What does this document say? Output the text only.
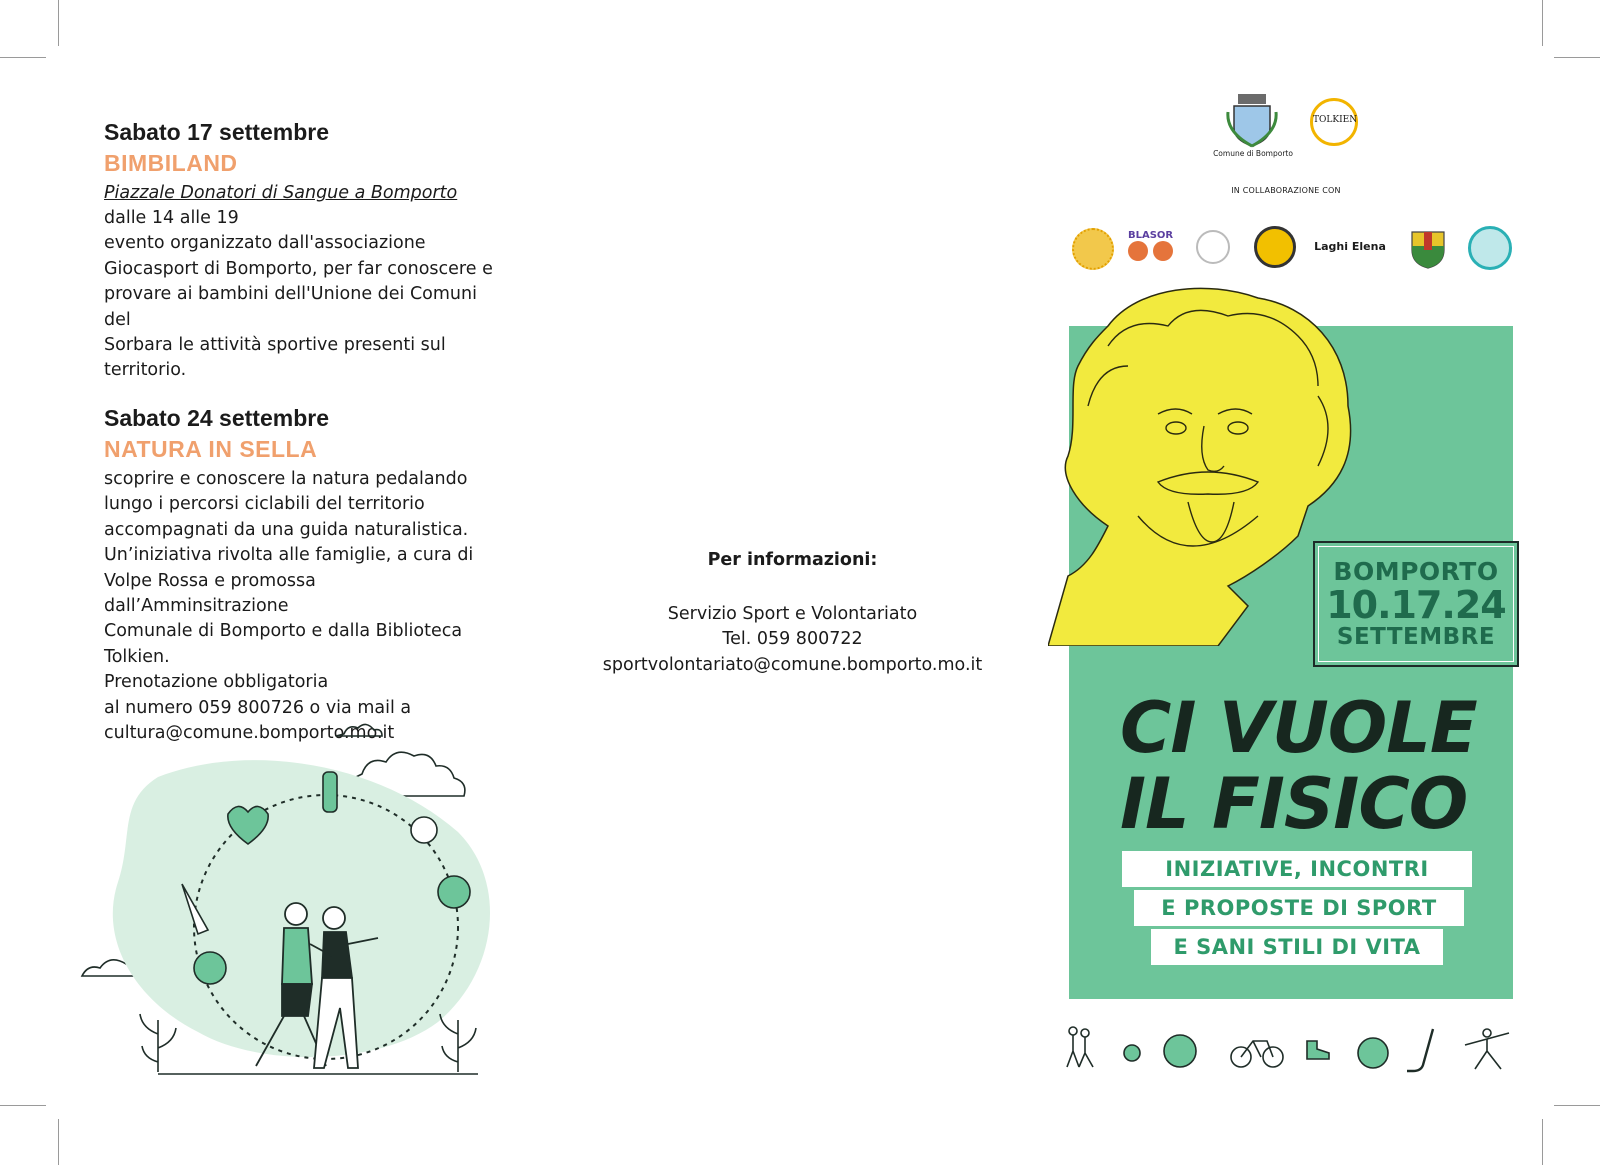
Sabato 17 settembre
BIMBILAND
Piazzale Donatori di Sangue a Bomporto

dalle 14 alle 19

evento organizzato dall'associazione

Giocasport di Bomporto, per far conoscere e

provare ai bambini dell'Unione dei Comuni del

Sorbara le attività sportive presenti sul

territorio.

Sabato 24 settembre
NATURA IN SELLA

scoprire e conoscere la natura pedalando

lungo i percorsi ciclabili del territorio

accompagnati da una guida naturalistica.

Un’iniziativa rivolta alle famiglie, a cura di

Volpe Rossa e promossa dall’Amminsitrazione

Comunale di Bomporto e dalla Biblioteca

Tolkien.

Prenotazione obbligatoria

al numero 059 800726 o via mail a

cultura@comune.bomporto.mo.it

Per informazioni:

Servizio Sport e Volontariato

Tel. 059 800722

sportvolontariato@comune.bomporto.mo.it

Comune di Bomporto
TOLKIEN
IN COLLABORAZIONE CON
BLASOR

Laghi Elena
BOMPORTO
10.17.24
SETTEMBRE
CI VUOLE
IL FISICO
INIZIATIVE, INCONTRI
E PROPOSTE DI SPORT
E SANI STILI DI VITA
